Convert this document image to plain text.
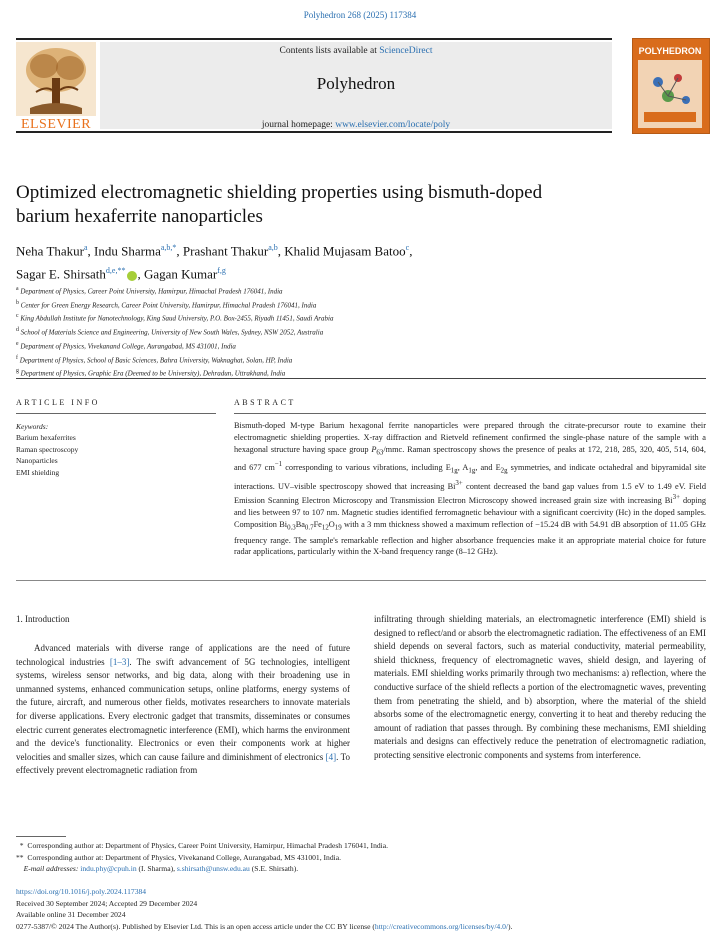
Polyhedron 268 (2025) 117384
Contents lists available at ScienceDirect
Polyhedron
journal homepage: www.elsevier.com/locate/poly
ELSEVIER
POLYHEDRON
Optimized electromagnetic shielding properties using bismuth-doped
barium hexaferrite nanoparticles
Neha Thakur$^a$, Indu Sharma$^{a,b,*}$, Prashant Thakur$^{a,b}$, Khalid Mujasam Batoo$^c$,
Sagar E. Shirsath$^{d,e,**}$ , Gagan Kumar$^{f,g}$
$^a$ Department of Physics, Career Point University, Hamirpur, Himachal Pradesh 176041, India
$^b$ Center for Green Energy Research, Career Point University, Hamirpur, Himachal Pradesh 176041, India
$^c$ King Abdullah Institute for Nanotechnology, King Saud University, P.O. Box-2455, Riyadh 11451, Saudi Arabia
$^d$ School of Materials Science and Engineering, University of New South Wales, Sydney, NSW 2052, Australia
$^e$ Department of Physics, Vivekanand College, Aurangabad, MS 431001, India
$^f$ Department of Physics, School of Basic Sciences, Bahra University, Waknaghat, Solan, HP, India
$^g$ Department of Physics, Graphic Era (Deemed to be University), Dehradun, Uttrakhand, India
ARTICLE INFO
Keywords:
Barium hexaferrites
Raman spectroscopy
Nanoparticles
EMI shielding
ABSTRACT
Bismuth-doped M-type Barium hexagonal ferrite nanoparticles were prepared through the citrate-precursor route to examine their electromagnetic shielding properties. X-ray diffraction and Rietveld refinement confirmed the single-phase nature of the sample with a hexagonal structure having space group $P_{63}$/mmc. Raman spectroscopy shows the presence of peaks at 172, 218, 285, 320, 405, 514, 604, and 677 $cm^{-1}$ corresponding to various vibrations, including $E_{1g}$, $A_{1g}$, and $E_{2g}$ symmetries, and indicate octahedral and bipyramidal site interactions. UV–visible spectroscopy showed that increasing $Bi^{3+}$ content decreased the band gap values from 1.5 eV to 1.49 eV. Field Emission Scanning Electron Microscopy and Transmission Electron Microscopy showed increased grain size with increasing $Bi^{3+}$ doping and lies between 97 to 107 nm. Magnetic studies identified ferromagnetic behaviour with a significant coercivity (Hc) in the doped samples. Composition $Bi_{0.3}Ba_{0.7}Fe_{12}O_{19}$ with a 3 mm thickness showed a maximum reflection of −15.24 dB with 54.91 dB absorption of 11.05 GHz frequency range. The sample's remarkable reflection and higher absorbance frequencies make it an appropriate material choice for future radar applications, particularly within the X-band frequency range (8–12 GHz).
1. Introduction
Advanced materials with diverse range of applications are the need of future technological industries [1–3]. The swift advancement of 5G technologies, intelligent systems, wireless sensor networks, and big data, along with their broadening use in unmanned systems, enhanced communication setups, online platforms, energy systems of the future, aircraft, and numerous other fields, motivates researchers to innovate materials for diverse applications. Every electronic gadget that transmits, disseminates or consumes electric current generates electromagnetic interference (EMI), which harms the environment and the device's functionality. Electronics or even their components work at higher velocities and smaller sizes, which can cause failure and diminishment of electronics [4]. To effectively prevent electromagnetic radiation from
infiltrating through shielding materials, an electromagnetic interference (EMI) shield is designed to reflect/and or absorb the electromagnetic radiation. The effectiveness of an EMI shield depends on several factors, such as material conductivity, material permeability, shield thickness, frequency of electromagnetic waves, shield design, and layering of materials. EMI shielding works primarily through two mechanisms: a) reflection, where the conductive surface of the shield reflects a portion of the electromagnetic waves, preventing them from penetrating the shield, and b) absorption, where the material of the shield absorbs some of the electromagnetic energy, converting it to heat and thereby reducing the amount of radiation that passes through. By combining these mechanisms, EMI shielding materials and designs can effectively reduce the penetration of electromagnetic radiation, protecting sensitive electronic components and systems from interference.
* Corresponding author at: Department of Physics, Career Point University, Hamirpur, Himachal Pradesh 176041, India.
** Corresponding author at: Department of Physics, Vivekanand College, Aurangabad, MS 431001, India.
E-mail addresses: indu.phy@cpuh.in (I. Sharma), s.shirsath@unsw.edu.au (S.E. Shirsath).
https://doi.org/10.1016/j.poly.2024.117384
Received 30 September 2024; Accepted 29 December 2024
Available online 31 December 2024
0277-5387/© 2024 The Author(s). Published by Elsevier Ltd. This is an open access article under the CC BY license (http://creativecommons.org/licenses/by/4.0/).
